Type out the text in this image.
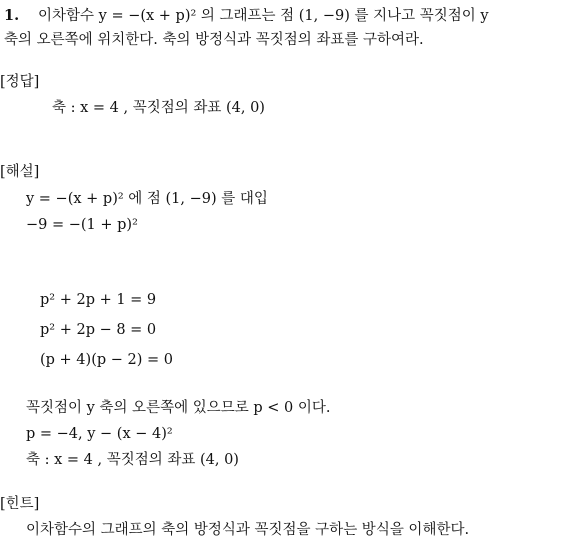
1. 이차함수 y = −(x + p)² 의 그래프는 점 (1, −9) 를 지나고 꼭짓점이 y
축의 오른쪽에 위치한다. 축의 방정식과 꼭짓점의 좌표를 구하여라.
[정답]
축 : x = 4 , 꼭짓점의 좌표 (4, 0)
[해설]
y = −(x + p)² 에 점 (1, −9) 를 대입
−9 = −(1 + p)²
p² + 2p + 1 = 9
p² + 2p − 8 = 0
(p + 4)(p − 2) = 0
꼭짓점이 y 축의 오른쪽에 있으므로 p < 0 이다.
p = −4, y − (x − 4)²
축 : x = 4 , 꼭짓점의 좌표 (4, 0)
[힌트]
이차함수의 그래프의 축의 방정식과 꼭짓점을 구하는 방식을 이해한다.
